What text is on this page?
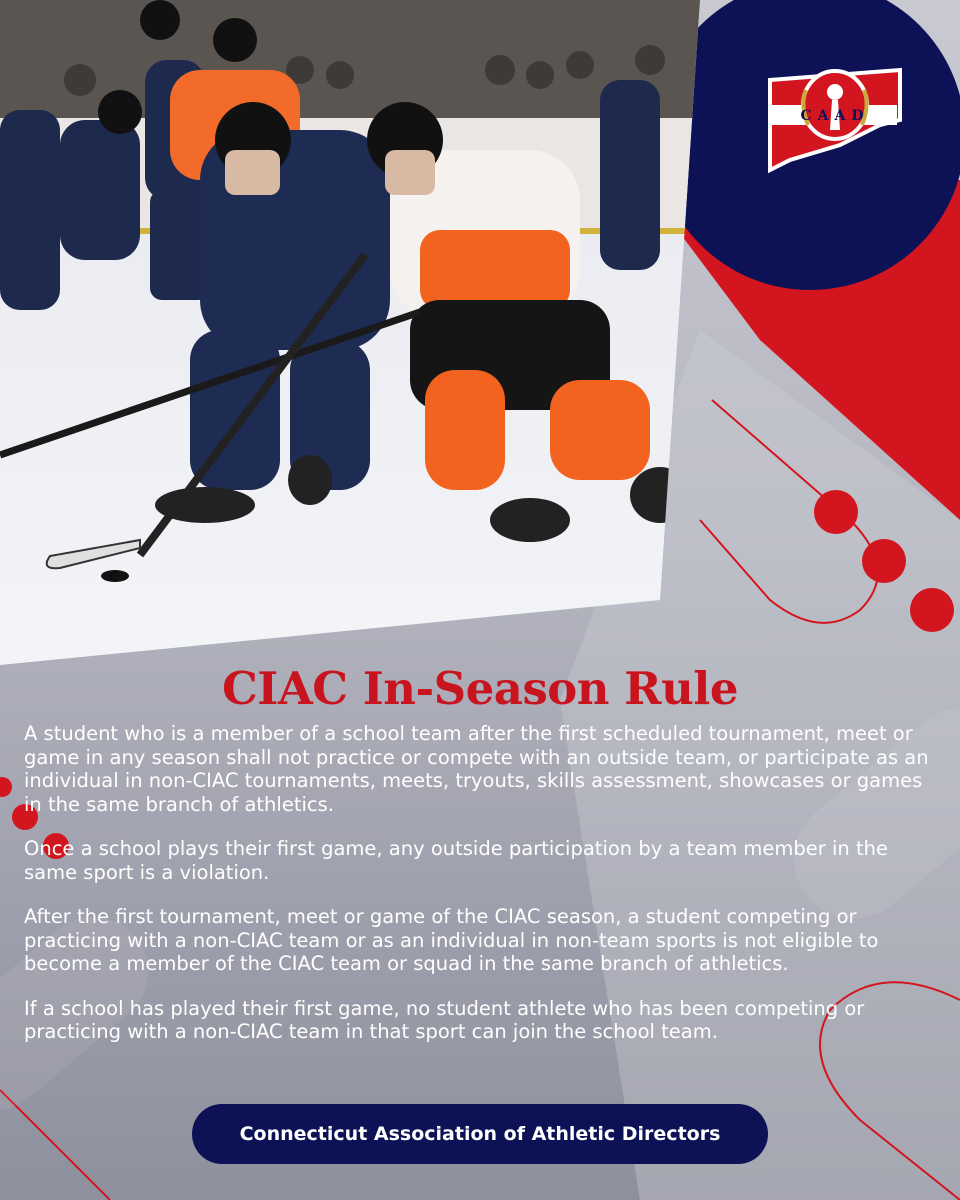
CAAD
CIAC In-Season Rule

A student who is a member of a school team after the first scheduled tournament, meet or game in any season shall not practice or compete with an outside team, or participate as an individual in non-CIAC tournaments, meets, tryouts, skills assessment, showcases or games in the same branch of athletics.

Once a school plays their first game, any outside participation by a team member in the same sport is a violation.

After the first tournament, meet or game of the CIAC season, a student competing or practicing with a non-CIAC team or as an individual in non-team sports is not eligible to become a member of the CIAC team or squad in the same branch of athletics.

If a school has played their first game, no student athlete who has been competing or practicing with a non-CIAC team in that sport can join the school team.

Connecticut Association of Athletic Directors
